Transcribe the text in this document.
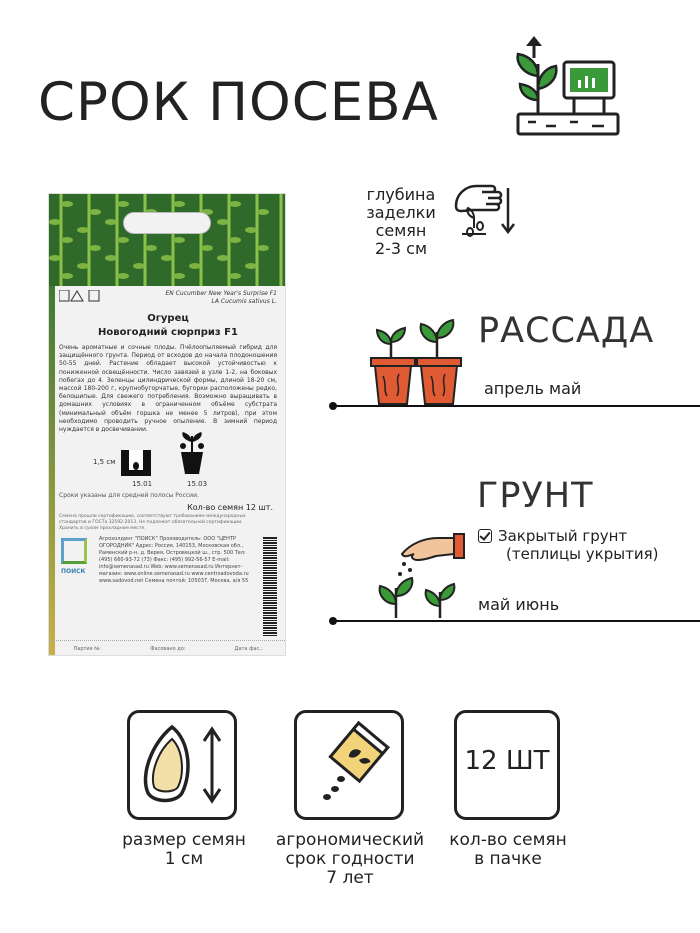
СРОК ПОСЕВА
EN Cucumber New Year's Surprise F1
LA Cucumis sativus L.
Огурец
Новогодний сюрприз F1
Очень ароматные и сочные плоды. Пчёлоопыляемый гибрид для защищённого грунта. Период от всходов до начала плодоношения 50-55 дней. Растение обладает высокой устойчивостью к пониженной освещённости. Число завязей в узле 1-2, на боковых побегах до 4. Зеленцы цилиндрической формы, длиной 18-20 см, массой 180-200 г, крупнобугорчатые, бугорки расположены редко, белошипые. Для свежего потребления. Возможно выращивать в домашних условиях в ограниченном объёме субстрата (минимальный объём горшка не менее 5 литров), при этом необходимо проводить ручное опыление. В зимний период нуждается в досвечивании.
1,5 см
15.01	15.03
Сроки указаны для средней полосы России.
Кол-во семян 12 шт.
Семена прошли сертификацию, соответствуют требованиям международных стандартов и ГОСТа 32592-2013. Не подлежат обязательной сертификации. Хранить в сухом прохладном месте.
ПОИСК
Агрохолдинг "ПОИСК" Производитель: ООО "ЦЕНТР ОГОРОДНИК" Адрес: Россия, 140153, Московская обл., Раменский р-н, д. Верея, Островецкой ш., стр. 500 Тел: (495) 660-93-72 (73) Факс: (495) 992-56-57 E-mail: info@semenasad.ru Web: www.semenasad.ru Интернет-магазин: www.online.semenasad.ru www.centrsadovoda.ru www.sadovod.net Семена почтой: 105037, Москва, а/я 55
Партия №:	Фасовано до:	Дата фас.:
глубина
заделки
семян
2-3 см
РАССАДА
апрель май
ГРУНТ
Закрытый грунт
(теплицы укрытия)
май июнь
12 ШТ
размер семян
1 см
агрономический
срок годности
7 лет
кол-во семян
в пачке
